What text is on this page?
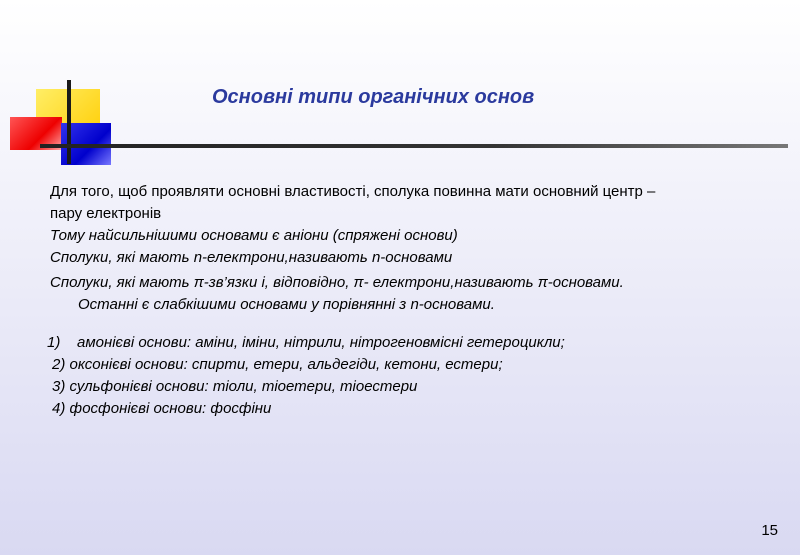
Основні типи органічних основ
Для того, щоб проявляти основні властивості, сполука повинна мати основний центр –
пару електронів
Тому найсильнішими основами є аніони (спряжені основи)
Сполуки, які мають n-електрони,називають n-основами
Сполуки, які мають π-зв’язки і, відповідно, π- електрони,називають π-основами.
Останні є слабкішими основами у порівнянні з n-основами.
1) амонієві основи: аміни, іміни, нітрили, нітрогеновмісні гетероцикли;
2) оксонієві основи: спирти, етери, альдегіди, кетони, естери;
3) сульфонієві основи: тіоли, тіоетери, тіоестери
4) фосфонієві основи: фосфіни
15
